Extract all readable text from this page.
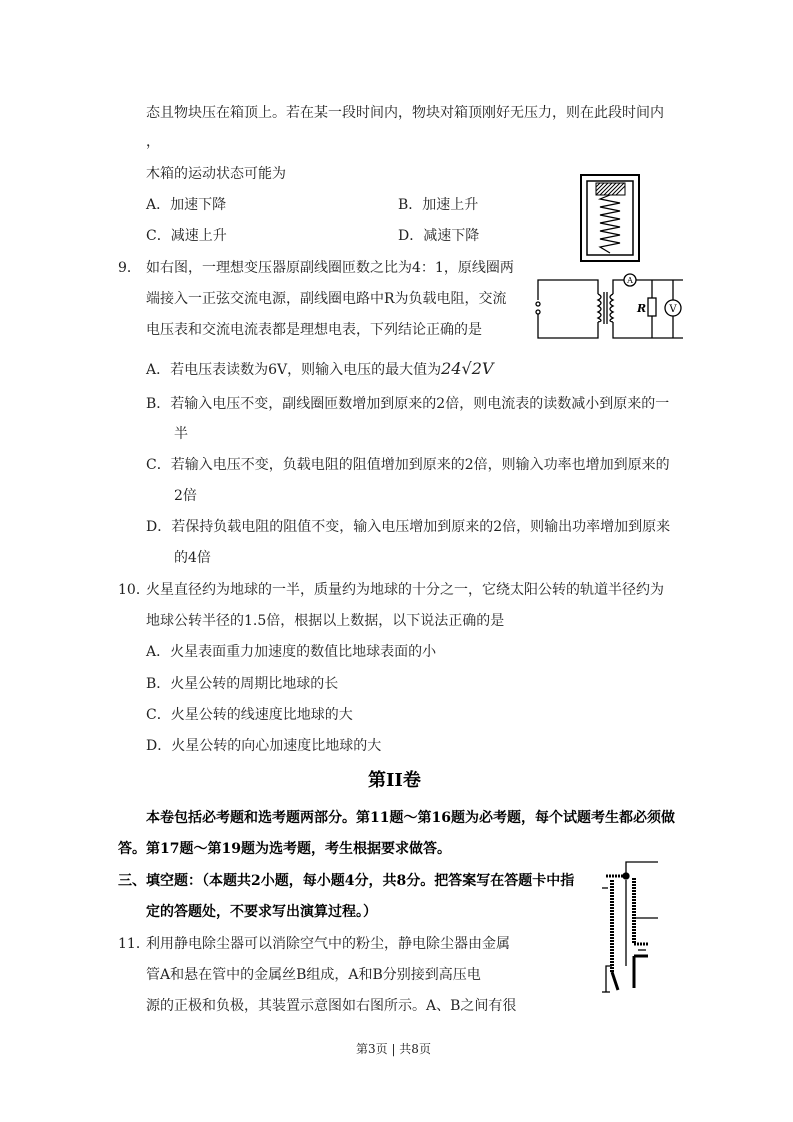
态且物块压在箱顶上。若在某一段时间内，物块对箱顶刚好无压力，则在此段时间内
，
木箱的运动状态可能为
A．加速下降	B．加速上升
C．减速上升	D．减速下降
9． 如右图，一理想变压器原副线圈匝数之比为4：1，原线圈两
端接入一正弦交流电源，副线圈电路中R为负载电阻，交流
电压表和交流电流表都是理想电表，下列结论正确的是
A
R V
A．若电压表读数为6V，则输入电压的最大值为24√2V
B．若输入电压不变，副线圈匝数增加到原来的2倍，则电流表的读数减小到原来的一
半
C．若输入电压不变，负载电阻的阻值增加到原来的2倍，则输入功率也增加到原来的
2倍
D．若保持负载电阻的阻值不变，输入电压增加到原来的2倍，则输出功率增加到原来
的4倍
10．
火星直径约为地球的一半，质量约为地球的十分之一，它绕太阳公转的轨道半径约为
地球公转半径的1.5倍，根据以上数据，以下说法正确的是
A．火星表面重力加速度的数值比地球表面的小
B．火星公转的周期比地球的长
C．火星公转的线速度比地球的大
D．火星公转的向心加速度比地球的大
第II卷
本卷包括必考题和选考题两部分。第11题～第16题为必考题，每个试题考生都必须做
答。第17题～第19题为选考题，考生根据要求做答。
三、填空题：（本题共2小题，每小题4分，共8分。把答案写在答题卡中指
定的答题处，不要求写出演算过程。）
11．
利用静电除尘器可以消除空气中的粉尘，静电除尘器由金属
管A和悬在管中的金属丝B组成，A和B分别接到高压电
源的正极和负极，其装置示意图如右图所示。A、B之间有很
第3页 | 共8页
